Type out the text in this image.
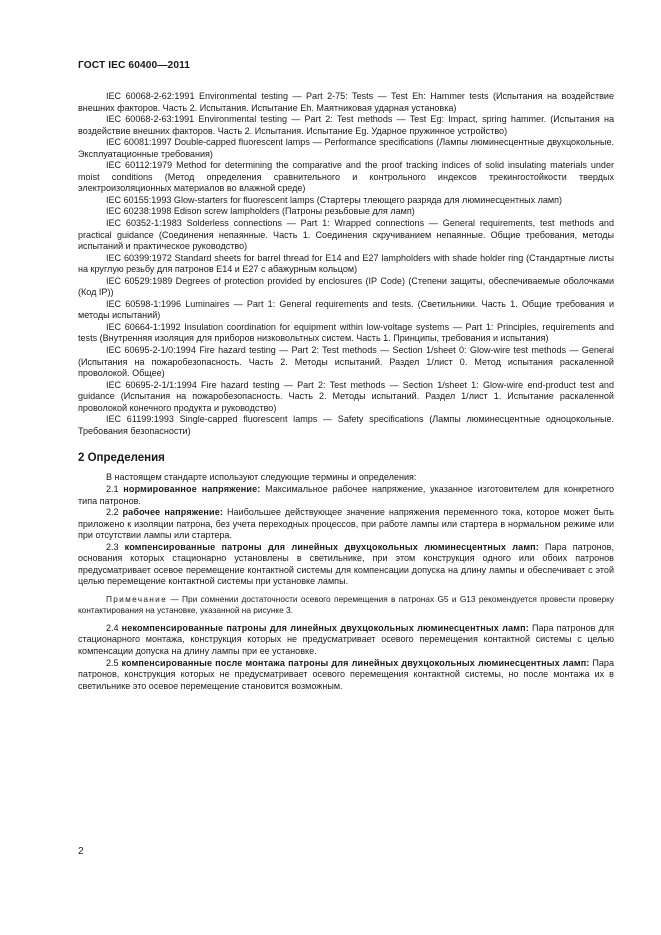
ГОСТ IEC 60400—2011

IEC 60068-2-62:1991 Environmental testing — Part 2-75: Tests — Test Eh: Hammer tests (Испытания на воздействие внешних факторов. Часть 2. Испытания. Испытание Eh. Маятниковая ударная установка)

IEC 60068-2-63:1991 Environmental testing — Part 2: Test methods — Test Eg: Impact, spring hammer. (Испытания на воздействие внешних факторов. Часть 2. Испытания. Испытание Eg. Ударное пружинное устройство)

IEC 60081:1997 Double-capped fluorescent lamps — Performance specifications (Лампы люминесцентные двухцокольные. Эксплуатационные требования)

IEC 60112:1979 Method for determining the comparative and the proof tracking indices of solid insulating materials under moist conditions (Метод определения сравнительного и контрольного индексов трекингостойкости твердых электроизоляционных материалов во влажной среде)

IEC 60155:1993 Glow-starters for fluorescent lamps (Стартеры тлеющего разряда для люминесцентных ламп)

IEC 60238:1998 Edison screw lampholders (Патроны резьбовые для ламп)

IEC 60352-1:1983 Solderless connections — Part 1: Wrapped connections — General requirements, test methods and practical guidance (Соединения непаянные. Часть 1. Соединения скручиванием непаянные. Общие требования, методы испытаний и практическое руководство)

IEC 60399:1972 Standard sheets for barrel thread for E14 and E27 lampholders with shade holder ring (Стандартные листы на круглую резьбу для патронов E14 и E27 с абажурным кольцом)

IEC 60529:1989 Degrees of protection provided by enclosures (IP Code) (Степени защиты, обеспечиваемые оболочками (Код IP))

IEC 60598-1:1996 Luminaires — Part 1: General requirements and tests. (Светильники. Часть 1. Общие требования и методы испытаний)

IEC 60664-1:1992 Insulation coordination for equipment within low-voltage systems — Part 1: Principles, requirements and tests (Внутренняя изоляция для приборов низковольтных систем. Часть 1. Принципы, требования и испытания)

IEC 60695-2-1/0:1994 Fire hazard testing — Part 2: Test methods — Section 1/sheet 0: Glow-wire test methods — General (Испытания на пожаробезопасность. Часть 2. Методы испытаний. Раздел 1/лист 0. Метод испытания раскаленной проволокой. Общее)

IEC 60695-2-1/1:1994 Fire hazard testing — Part 2: Test methods — Section 1/sheet 1: Glow-wire end-product test and guidance (Испытания на пожаробезопасность. Часть 2. Методы испытаний. Раздел 1/лист 1. Испытание раскаленной проволокой конечного продукта и руководство)

IEC 61199:1993 Single-capped fluorescent lamps — Safety specifications (Лампы люминесцентные одноцокольные. Требования безопасности)

2 Определения

В настоящем стандарте используют следующие термины и определения:

2.1 нормированное напряжение: Максимальное рабочее напряжение, указанное изготовителем для конкретного типа патронов.

2.2 рабочее напряжение: Наибольшее действующее значение напряжения переменного тока, которое может быть приложено к изоляции патрона, без учета переходных процессов, при работе лампы или стартера в нормальном режиме или при отсутствии лампы или стартера.

2.3 компенсированные патроны для линейных двухцокольных люминесцентных ламп: Пара патронов, основания которых стационарно установлены в светильнике, при этом конструкция одного или обоих патронов предусматривает осевое перемещение контактной системы для компенсации допуска на длину лампы и обеспечивает с этой целью перемещение контактной системы при установке лампы.

Примечание — При сомнении достаточности осевого перемещения в патронах G5 и G13 рекомендуется провести проверку контактирования на установке, указанной на рисунке 3.

2.4 некомпенсированные патроны для линейных двухцокольных люминесцентных ламп: Пара патронов для стационарного монтажа, конструкция которых не предусматривает осевого перемещения контактной системы с целью компенсации допуска на длину лампы при ее установке.

2.5 компенсированные после монтажа патроны для линейных двухцокольных люминесцентных ламп: Пара патронов, конструкция которых не предусматривает осевого перемещения контактной системы, но после монтажа их в светильнике это осевое перемещение становится возможным.

2
